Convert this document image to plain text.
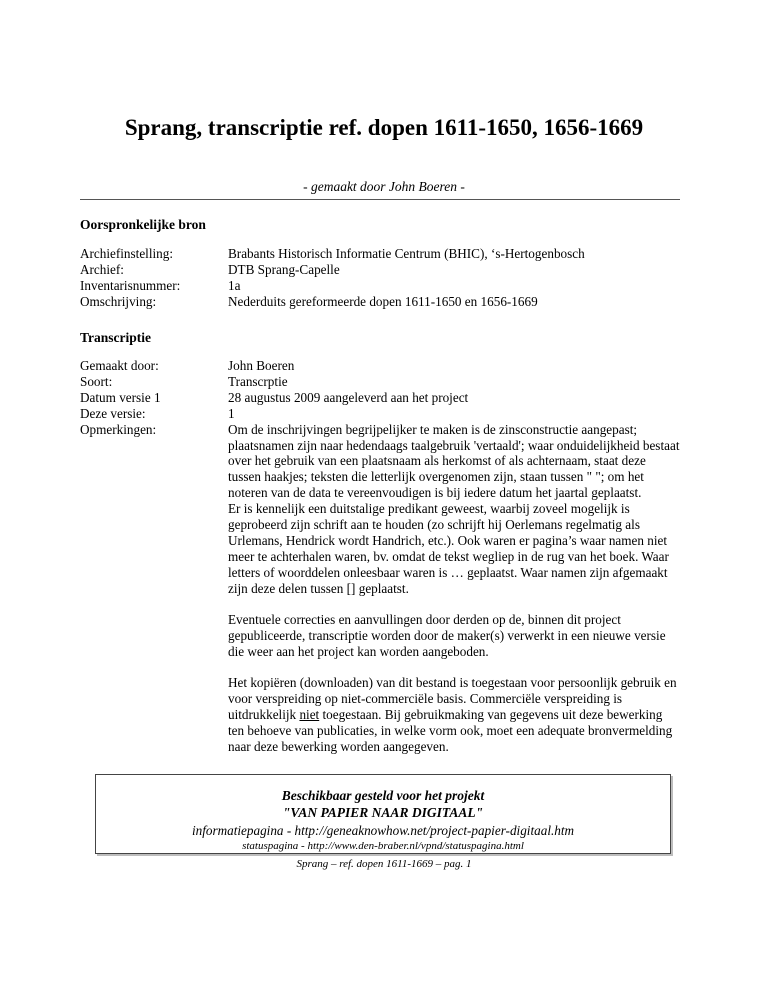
Sprang, transcriptie ref. dopen 1611-1650, 1656-1669
- gemaakt door John Boeren -
Oorspronkelijke bron
Archiefinstelling:	Brabants Historisch Informatie Centrum (BHIC), ‘s-Hertogenbosch
Archief:	DTB Sprang-Capelle
Inventarisnummer:	1a
Omschrijving:	Nederduits gereformeerde dopen 1611-1650 en 1656-1669
Transcriptie
Gemaakt door:	John Boeren
Soort:	Transcrptie
Datum versie 1	28 augustus 2009 aangeleverd aan het project
Deze versie:	1
Opmerkingen:	Om de inschrijvingen begrijpelijker te maken is de zinsconstructie aangepast; plaatsnamen zijn naar hedendaags taalgebruik 'vertaald'; waar onduidelijkheid bestaat over het gebruik van een plaatsnaam als herkomst of als achternaam, staat deze tussen haakjes; teksten die letterlijk overgenomen zijn, staan tussen " "; om het noteren van de data te vereenvoudigen is bij iedere datum het jaartal geplaatst.
Er is kennelijk een duitstalige predikant geweest, waarbij zoveel mogelijk is geprobeerd zijn schrift aan te houden (zo schrijft hij Oerlemans regelmatig als Urlemans, Hendrick wordt Handrich, etc.). Ook waren er pagina’s waar namen niet meer te achterhalen waren, bv. omdat de tekst wegliep in de rug van het boek. Waar letters of woorddelen onleesbaar waren is … geplaatst. Waar namen zijn afgemaakt zijn deze delen tussen [] geplaatst.
Eventuele correcties en aanvullingen door derden op de, binnen dit project gepubliceerde, transcriptie worden door de maker(s) verwerkt in een nieuwe versie die weer aan het project kan worden aangeboden.
Het kopiëren (downloaden) van dit bestand is toegestaan voor persoonlijk gebruik en voor verspreiding op niet-commerciële basis. Commerciële verspreiding is uitdrukkelijk niet toegestaan. Bij gebruikmaking van gegevens uit deze bewerking ten behoeve van publicaties, in welke vorm ook, moet een adequate bronvermelding naar deze bewerking worden aangegeven.
Beschikbaar gesteld voor het projekt
"VAN PAPIER NAAR DIGITAAL"
informatiepagina - http://geneaknowhow.net/project-papier-digitaal.htm
statuspagina - http://www.den-braber.nl/vpnd/statuspagina.html
Sprang – ref. dopen 1611-1669 – pag. 1
